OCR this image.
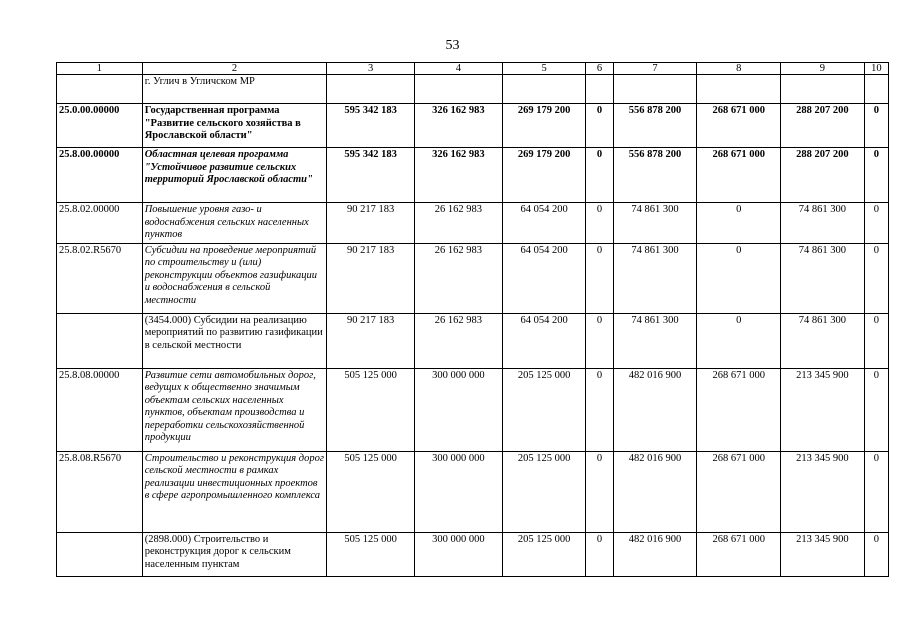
53
1	2	3	4	5	6	7	8	9	10
	г. Углич в Угличском МР								
25.0.00.00000	Государственная программа "Развитие сельского хозяйства в Ярославской области"	595 342 183	326 162 983	269 179 200	0	556 878 200	268 671 000	288 207 200	0
25.8.00.00000	Областная целевая программа "Устойчивое развитие сельских территорий Ярославской области"	595 342 183	326 162 983	269 179 200	0	556 878 200	268 671 000	288 207 200	0
25.8.02.00000	Повышение уровня газо- и водоснабжения сельских населенных пунктов	90 217 183	26 162 983	64 054 200	0	74 861 300	0	74 861 300	0
25.8.02.R5670	Субсидии на проведение мероприятий по строительству и (или) реконструкции объектов газификации и водоснабжения в сельской местности	90 217 183	26 162 983	64 054 200	0	74 861 300	0	74 861 300	0
	(3454.000) Субсидии на реализацию мероприятий по развитию газификации в сельской местности	90 217 183	26 162 983	64 054 200	0	74 861 300	0	74 861 300	0
25.8.08.00000	Развитие сети автомобильных дорог, ведущих к общественно значимым объектам сельских населенных пунктов, объектам производства и переработки сельскохозяйственной продукции	505 125 000	300 000 000	205 125 000	0	482 016 900	268 671 000	213 345 900	0
25.8.08.R5670	Строительство и реконструкция дорог сельской местности в рамках реализации инвестиционных проектов в сфере агропромышленного комплекса	505 125 000	300 000 000	205 125 000	0	482 016 900	268 671 000	213 345 900	0
	(2898.000) Строительство и реконструкция дорог к сельским населенным пунктам	505 125 000	300 000 000	205 125 000	0	482 016 900	268 671 000	213 345 900	0
